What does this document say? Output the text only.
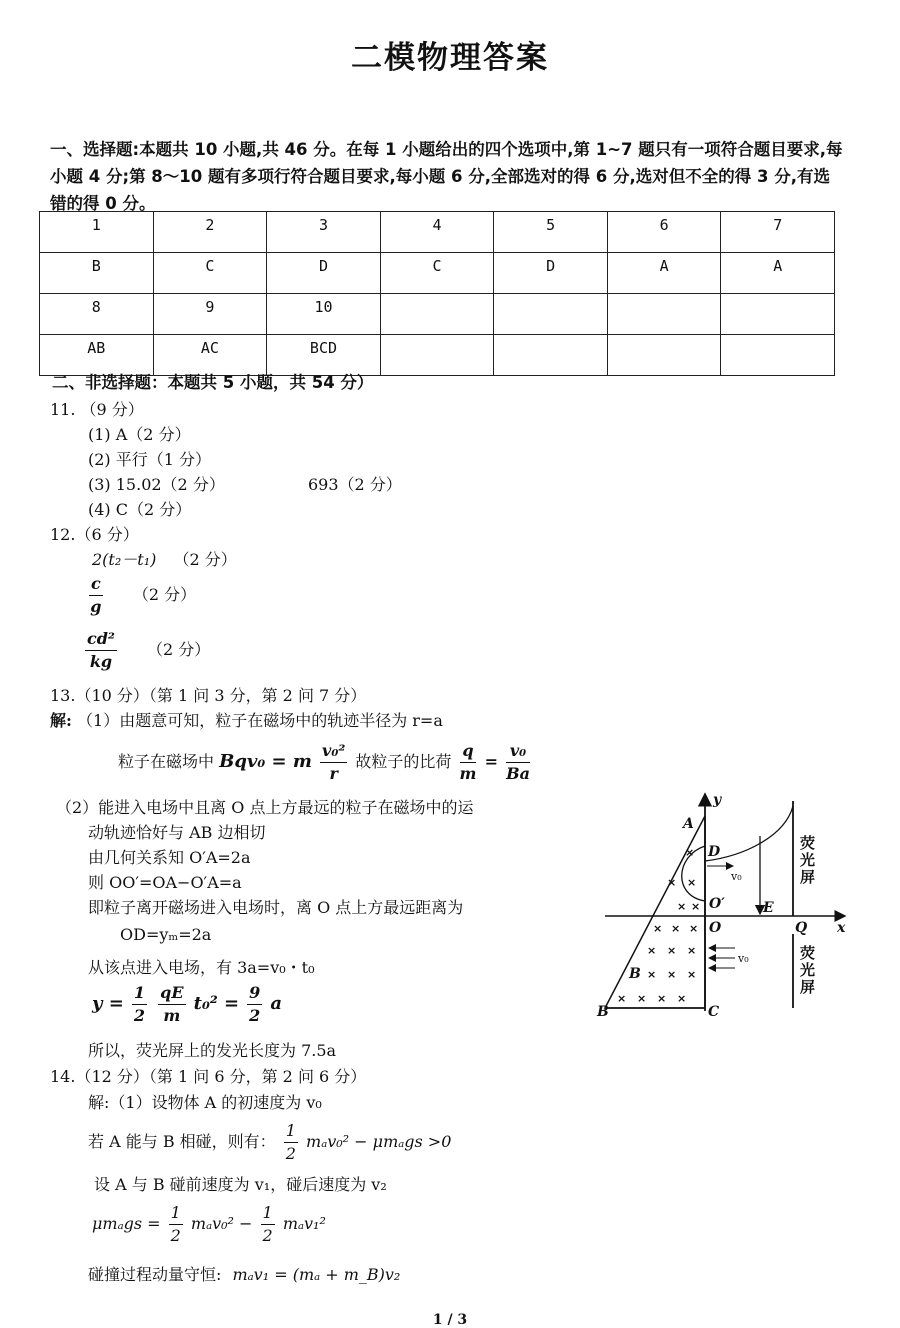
二模物理答案
一、选择题:本题共 10 小题,共 46 分。在每 1 小题给出的四个选项中,第 1~7 题只有一项符合题目要求,每小题 4 分;第 8～10 题有多项行符合题目要求,每小题 6 分,全部选对的得 6 分,选对但不全的得 3 分,有选错的得 0 分。
1	2	3	4	5	6	7
B	C	D	C	D	A	A
8	9	10				
AB	AC	BCD				
二、非选择题：本题共 5 小题，共 54 分）
11. （9 分）
(1) A（2 分）
(2) 平行（1 分）
(3) 15.02（2 分）	693（2 分）
(4) C（2 分）
12.（6 分）
2(t₂－t₁) （2 分）
$\frac{c}{g} (2$ 分）
$\frac{\text{cd²}}{kg} (2$ 分）
13.（10 分）（第 1 问 3 分，第 2 问 7 分）
解: （1）由题意可知，粒子在磁场中的轨迹半径为 r=a
粒子在磁场中 Bqv₀ = m $\frac{\text{v₀²}}{r}$ 故粒子的比荷 $\frac{q}{m} = \frac{\text{v₀}}{Ba}$
（2）能进入电场中且离 O 点上方最远的粒子在磁场中的运
动轨迹恰好与 AB 边相切
由几何关系知 O′A=2a
则 OO′=OA−O′A=a
即粒子离开磁场进入电场时，离 O 点上方最远距离为
OD=yₘ=2a
从该点进入电场，有 3a=v₀・t₀
$y = \frac{1}{2}$
$\frac{qE}{m} t_0^2 = \frac{9}{2}$ a
所以，荧光屏上的发光长度为 7.5a
14.（12 分）（第 1 问 6 分，第 2 问 6 分）
解:（1）设物体 A 的初速度为 v₀
若 A 能与 B 相碰，则有： $\frac{1}{2} m_av_0^2 - \mu m_ags >0$
设 A 与 B 碰前速度为 v₁，碰后速度为 v₂
$\mu m_ags = \frac{1}{2} m_av_0^2 - \frac{1}{2} m_av_1^2$
碰撞过程动量守恒: mₐv₁ = (mₐ + m_B)v₂
×
× ×
× ×
× × ×
× × ×
× × ×
× × × ×
y
x
A
D
O′
O
E
Q
B
B	C
v₀
v₀
荧光屏
荧光屏
1 / 3
